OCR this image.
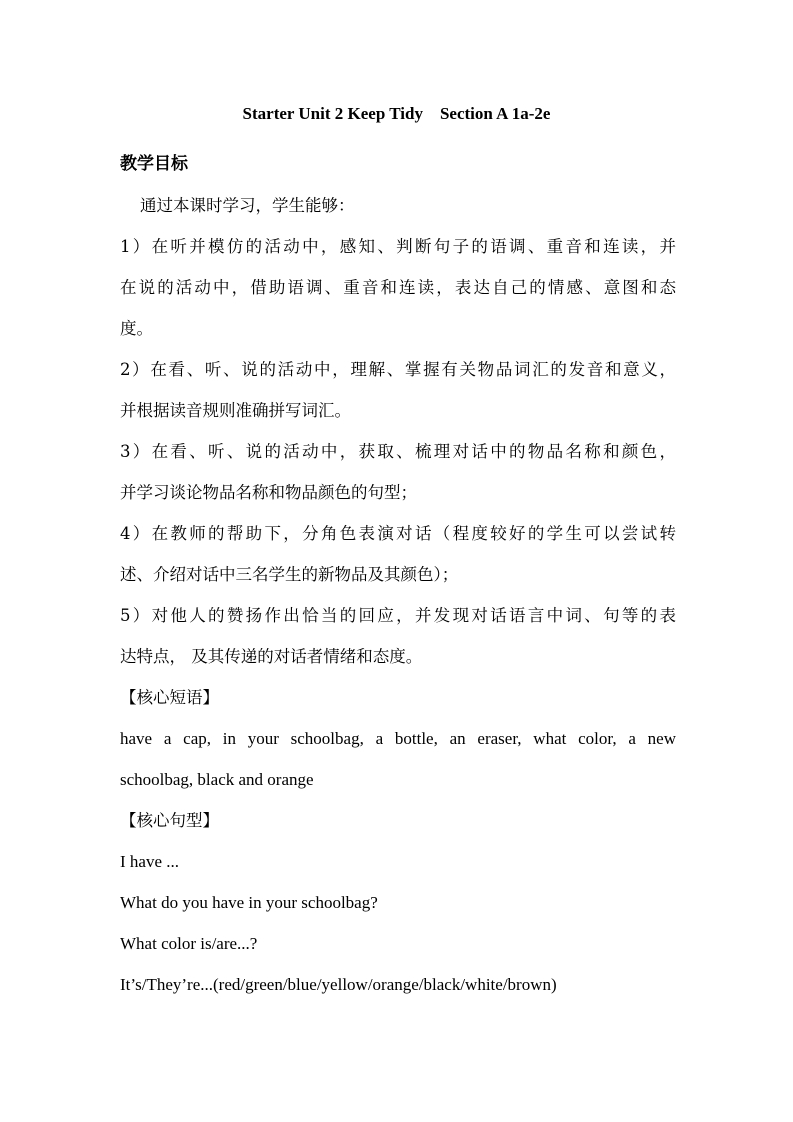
Starter Unit 2 Keep Tidy    Section A 1a-2e
教学目标
通过本课时学习，学生能够：
1）在听并模仿的活动中，感知、判断句子的语调、重音和连读，并
在说的活动中，借助语调、重音和连读，表达自己的情感、意图和态
度。
2）在看、听、说的活动中，理解、掌握有关物品词汇的发音和意义，
并根据读音规则准确拼写词汇。
3）在看、听、说的活动中，获取、梳理对话中的物品名称和颜色，
并学习谈论物品名称和物品颜色的句型；
4）在教师的帮助下，分角色表演对话（程度较好的学生可以尝试转
述、介绍对话中三名学生的新物品及其颜色）；
5）对他人的赞扬作出恰当的回应，并发现对话语言中词、句等的表
达特点， 及其传递的对话者情绪和态度。
【核心短语】
have a cap, in your schoolbag, a bottle, an eraser, what color, a new
schoolbag, black and orange
【核心句型】
I have ...
What do you have in your schoolbag?
What color is/are...?
It’s/They’re...(red/green/blue/yellow/orange/black/white/brown)
